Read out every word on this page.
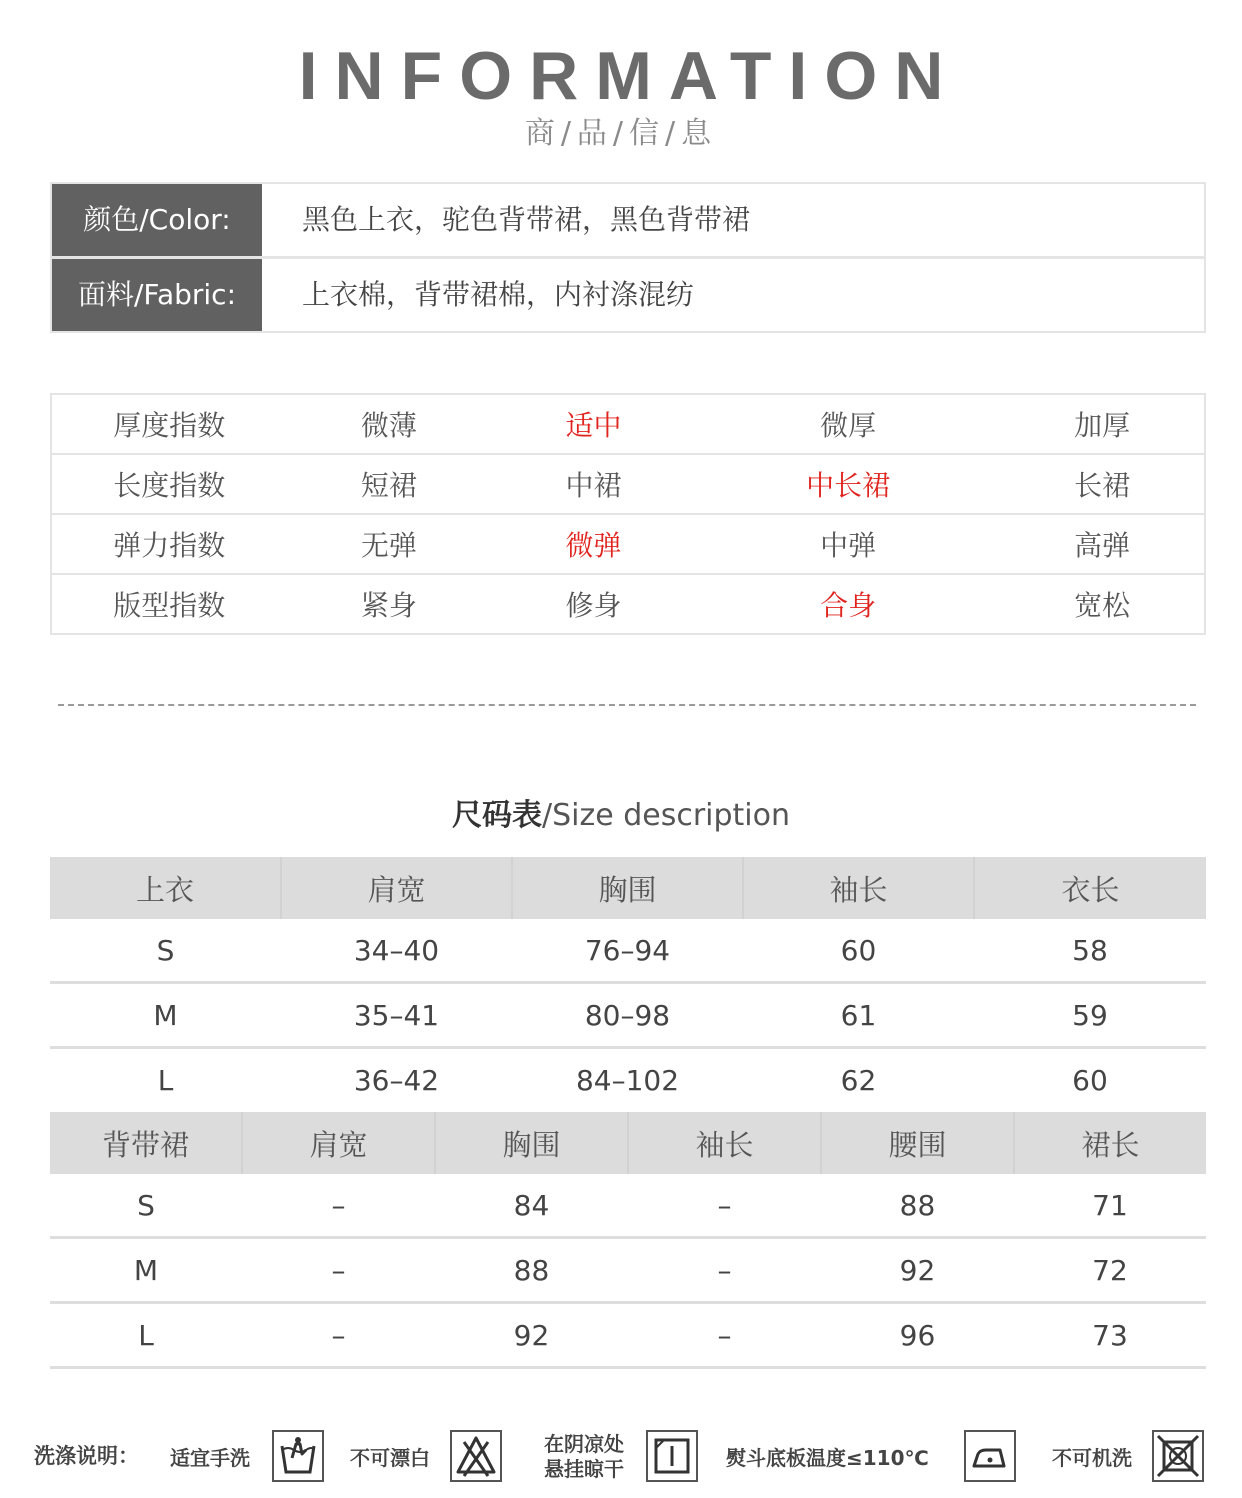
INFORMATION
商/品/信/息
颜色/Color:	黑色上衣，驼色背带裙，黑色背带裙
面料/Fabric:	上衣棉，背带裙棉，内衬涤混纺
厚度指数	微薄	适中	微厚	加厚
长度指数	短裙	中裙	中长裙	长裙
弹力指数	无弹	微弹	中弹	高弹
版型指数	紧身	修身	合身	宽松
尺码表/Size description
上衣	肩宽	胸围	袖长	衣长
S	34–40	76–94	60	58
M	35–41	80–98	61	59
L	36–42	84–102	62	60
背带裙	肩宽	胸围	袖长	腰围	裙长
S	–	84	–	88	71
M	–	88	–	92	72
L	–	92	–	96	73
洗涤说明： 适宜手洗	不可漂白
在阴凉处
悬挂晾干	熨斗底板温度≤110℃	不可机洗
